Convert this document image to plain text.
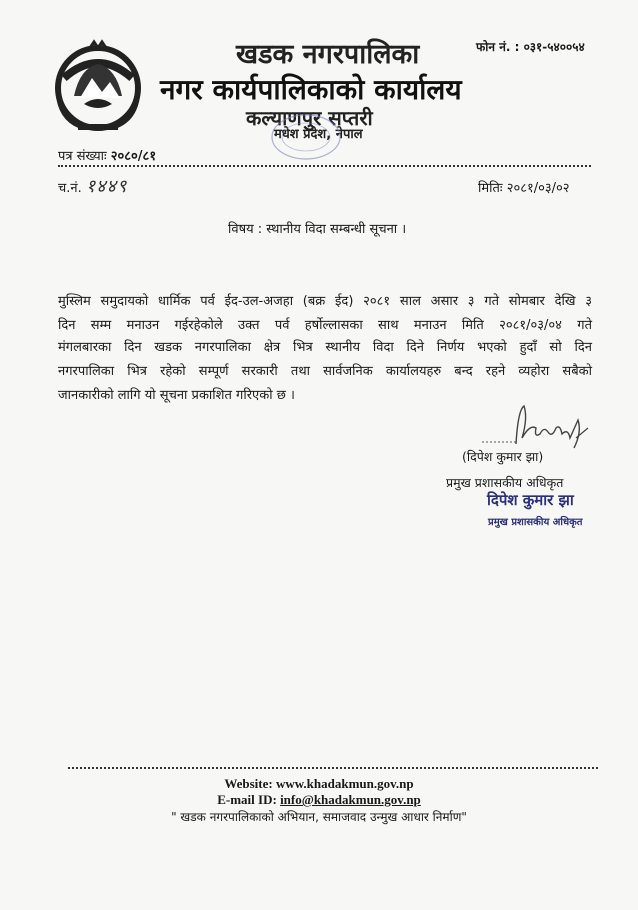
खडक नगरपालिका
नगर कार्यपालिकाको कार्यालय
कल्याणपुर सप्तरी
मधेश प्रदेश, नेपाल
फोन नं. : ०३१-५४००५४
पत्र संख्याः २०८०/८१
च.नं. १४४९	मितिः २०८१/०३/०२
विषय : स्थानीय विदा सम्बन्धी सूचना ।
मुस्लिम समुदायको धार्मिक पर्व ईद-उल-अजहा (बक्र ईद) २०८१ साल असार ३ गते सोमबार देखि ३
दिन सम्म मनाउन गईरहेकोले उक्त पर्व हर्षोल्लासका साथ मनाउन मिति २०८१/०३/०४ गते
मंगलबारका दिन खडक नगरपालिका क्षेत्र भित्र स्थानीय विदा दिने निर्णय भएको हुदाँ सो दिन
नगरपालिका भित्र रहेको सम्पूर्ण सरकारी तथा सार्वजनिक कार्यालयहरु बन्द रहने व्यहोरा सबैको
जानकारीको लागि यो सूचना प्रकाशित गरिएको छ ।
(दिपेश कुमार झा)
प्रमुख प्रशासकीय अधिकृत
दिपेश कुमार झा
प्रमुख प्रशासकीय अधिकृत
Website: www.khadakmun.gov.np
E-mail ID: info@khadakmun.gov.np
" खडक नगरपालिकाको अभियान, समाजवाद उन्मुख आधार निर्माण"
